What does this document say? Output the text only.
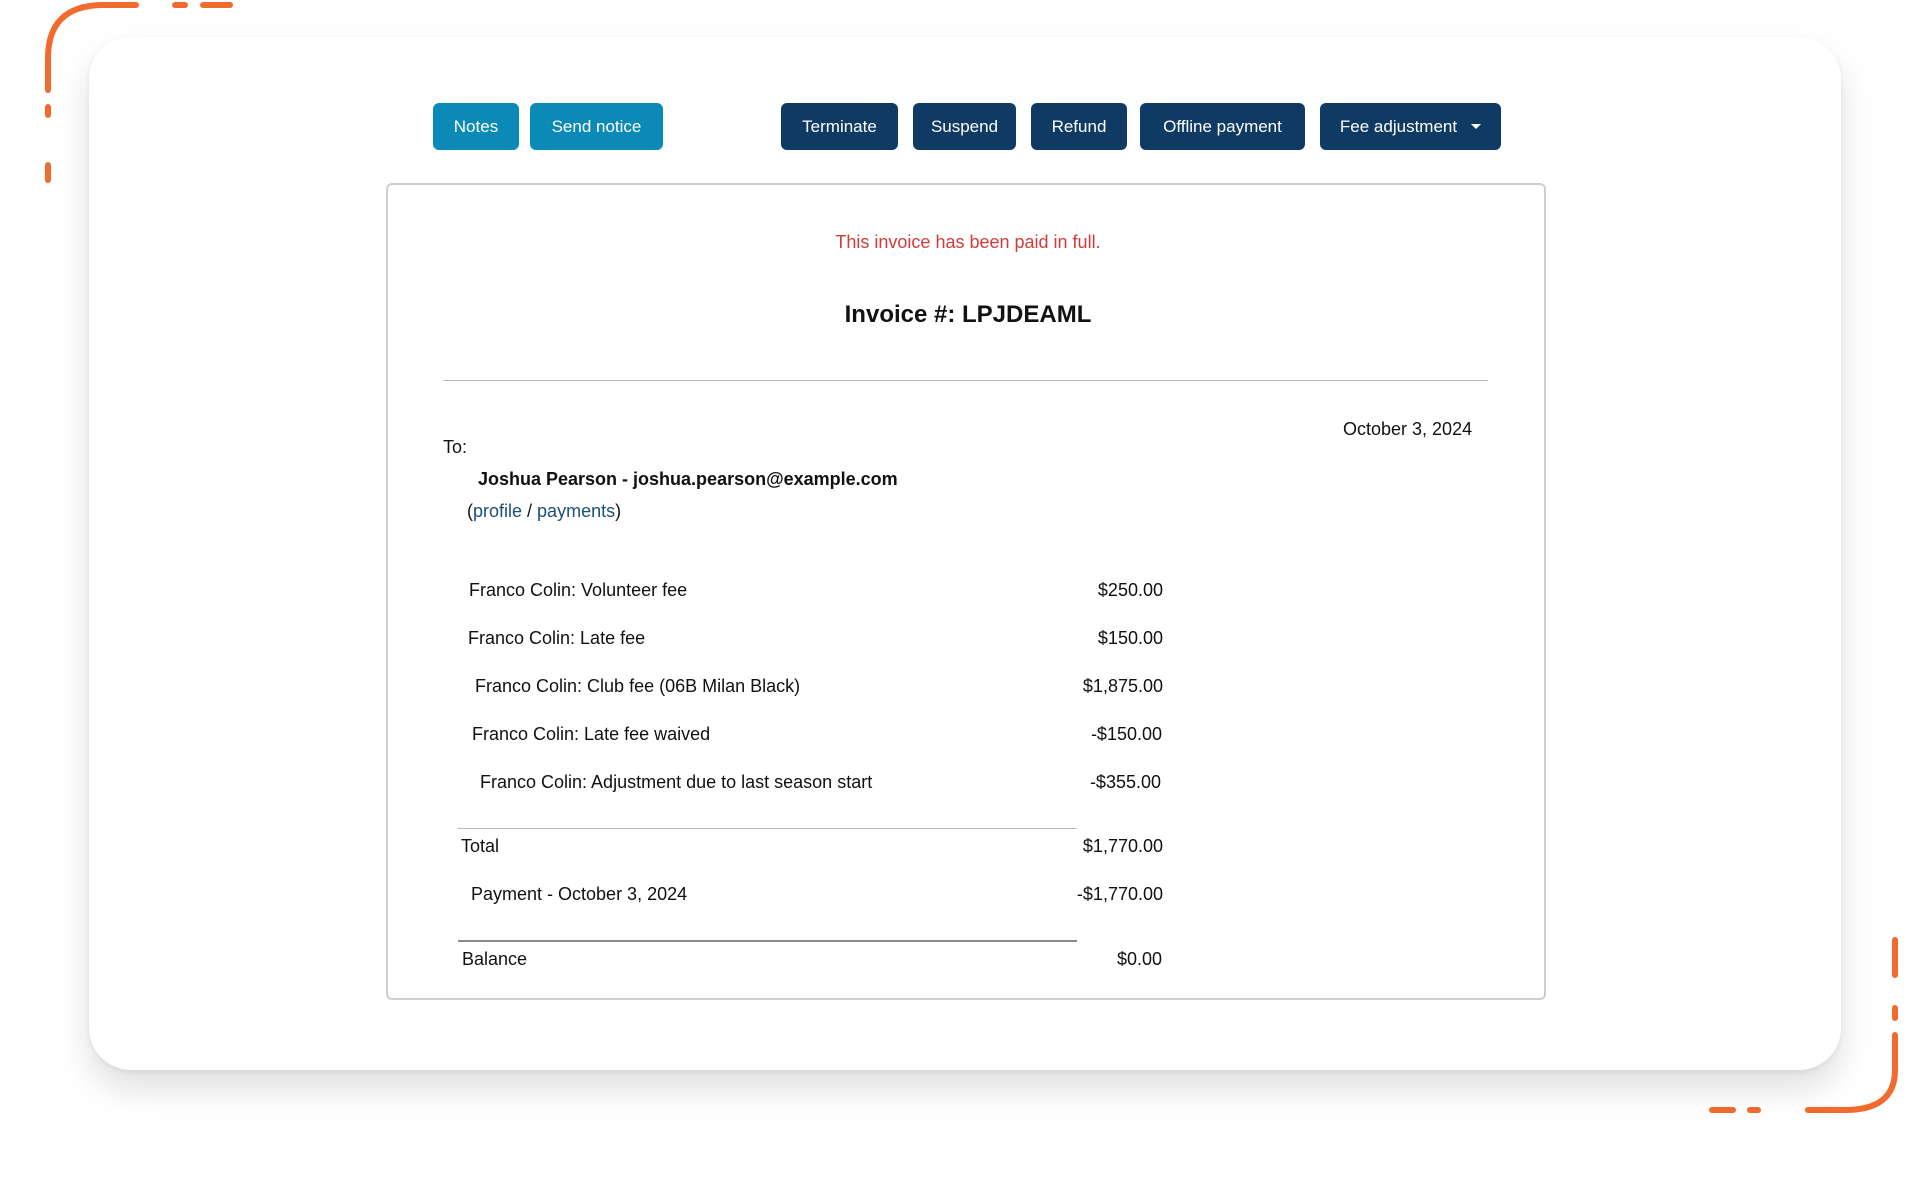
Notes	Send notice	Terminate	Suspend	Refund	Offline payment	Fee adjustment
This invoice has been paid in full.
Invoice #: LPJDEAML
October 3, 2024
To:
Joshua Pearson - joshua.pearson@example.com
(profile / payments)
Franco Colin: Volunteer fee	$250.00
Franco Colin: Late fee	$150.00
Franco Colin: Club fee (06B Milan Black)	$1,875.00
Franco Colin: Late fee waived	-$150.00
Franco Colin: Adjustment due to last season start	-$355.00
Total	$1,770.00
Payment - October 3, 2024	-$1,770.00
Balance	$0.00
